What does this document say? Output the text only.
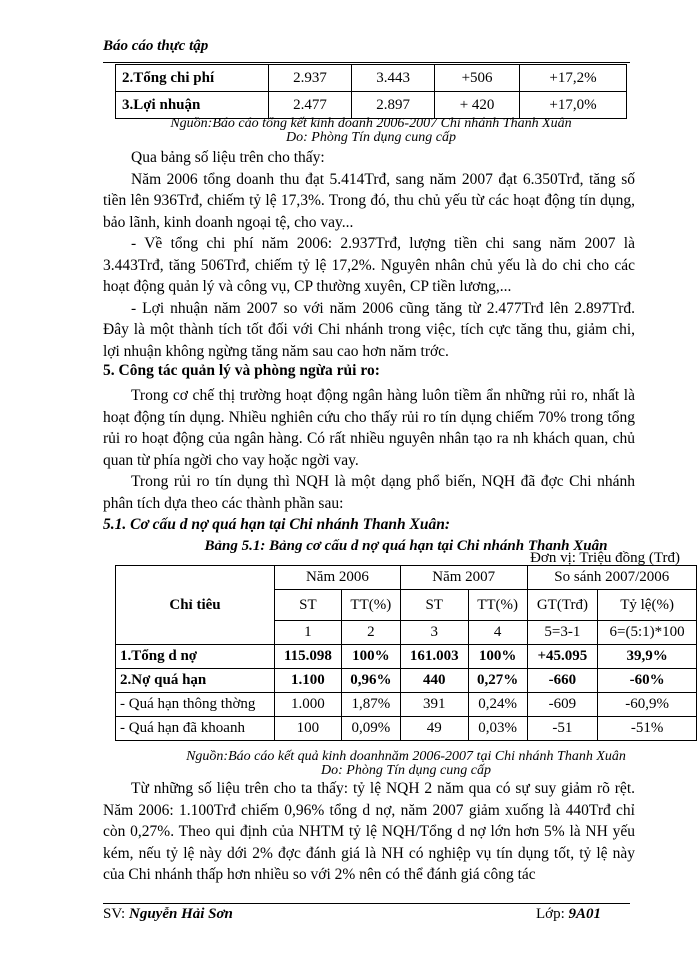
Báo cáo thực tập
2.Tổng chi phí	2.937	3.443	+506	+17,2%
3.Lợi nhuận	2.477	2.897	+ 420	+17,0%
Nguồn:Báo cáo tổng kết kinh doanh 2006-2007 Chi nhánh Thanh Xuân
Do: Phòng Tín dụng cung cấp

Qua bảng số liệu trên cho thấy:

Năm 2006 tổng doanh thu đạt 5.414Trđ, sang năm 2007 đạt 6.350Trđ, tăng số tiền lên 936Trđ, chiếm tỷ lệ 17,3%. Trong đó, thu chủ yếu từ các hoạt động tín dụng, bảo lãnh, kinh doanh ngoại tệ, cho vay...

- Về tổng chi phí năm 2006: 2.937Trđ, lượng tiền chi sang năm 2007 là 3.443Trđ, tăng 506Trđ, chiếm tỷ lệ 17,2%. Nguyên nhân chủ yếu là do chi cho các hoạt động quản lý và công vụ, CP thường xuyên, CP tiền lương,...

- Lợi nhuận năm 2007 so với năm 2006 cũng tăng từ 2.477Trđ lên 2.897Trđ. Đây là một thành tích tốt đối với Chi nhánh trong việc, tích cực tăng thu, giảm chi, lợi nhuận không ngừng tăng năm sau cao hơn năm trớc.

5. Công tác quản lý và phòng ngừa rủi ro:

Trong cơ chế thị trường hoạt động ngân hàng luôn tiềm ẩn những rủi ro, nhất là hoạt động tín dụng. Nhiều nghiên cứu cho thấy rủi ro tín dụng chiếm 70% trong tổng rủi ro hoạt động của ngân hàng. Có rất nhiều nguyên nhân tạo ra nh khách quan, chủ quan từ phía ngời cho vay hoặc ngời vay.

Trong rủi ro tín dụng thì NQH là một dạng phổ biến, NQH đã đợc Chi nhánh phân tích dựa theo các thành phần sau:

5.1. Cơ cấu d nợ quá hạn tại Chi nhánh Thanh Xuân:
Bảng 5.1: Bảng cơ cấu d nợ quá hạn tại Chi nhánh Thanh Xuân
Đơn vị: Triệu đồng (Trđ)
Chỉ tiêu	Năm 2006		Năm 2007		So sánh 2007/2006	
	ST	TT(%)	ST	TT(%)	GT(Trđ)	Tỷ lệ(%)
	1	2	3	4	5=3-1	6=(5:1)*100
1.Tổng d nợ	115.098	100%	161.003	100%	+45.095	39,9%
2.Nợ quá hạn	1.100	0,96%	440	0,27%	-660	-60%
- Quá hạn thông thờng	1.000	1,87%	391	0,24%	-609	-60,9%
- Quá hạn đã khoanh	100	0,09%	49	0,03%	-51	-51%
Nguồn:Báo cáo kết quả kinh doanhnăm 2006-2007 tại Chi nhánh Thanh Xuân
Do: Phòng Tín dụng cung cấp

Từ những số liệu trên cho ta thấy: tỷ lệ NQH 2 năm qua có sự suy giảm rõ rệt. Năm 2006: 1.100Trđ chiếm 0,96% tổng d nợ, năm 2007 giảm xuống là 440Trđ chỉ còn 0,27%. Theo qui định của NHTM tỷ lệ NQH/Tổng d nợ lớn hơn 5% là NH yếu kém, nếu tỷ lệ này dới 2% đợc đánh giá là NH có nghiệp vụ tín dụng tốt, tỷ lệ này của Chi nhánh thấp hơn nhiều so với 2% nên có thể đánh giá công tác

SV: Nguyễn Hải Sơn	Lớp: 9A01
